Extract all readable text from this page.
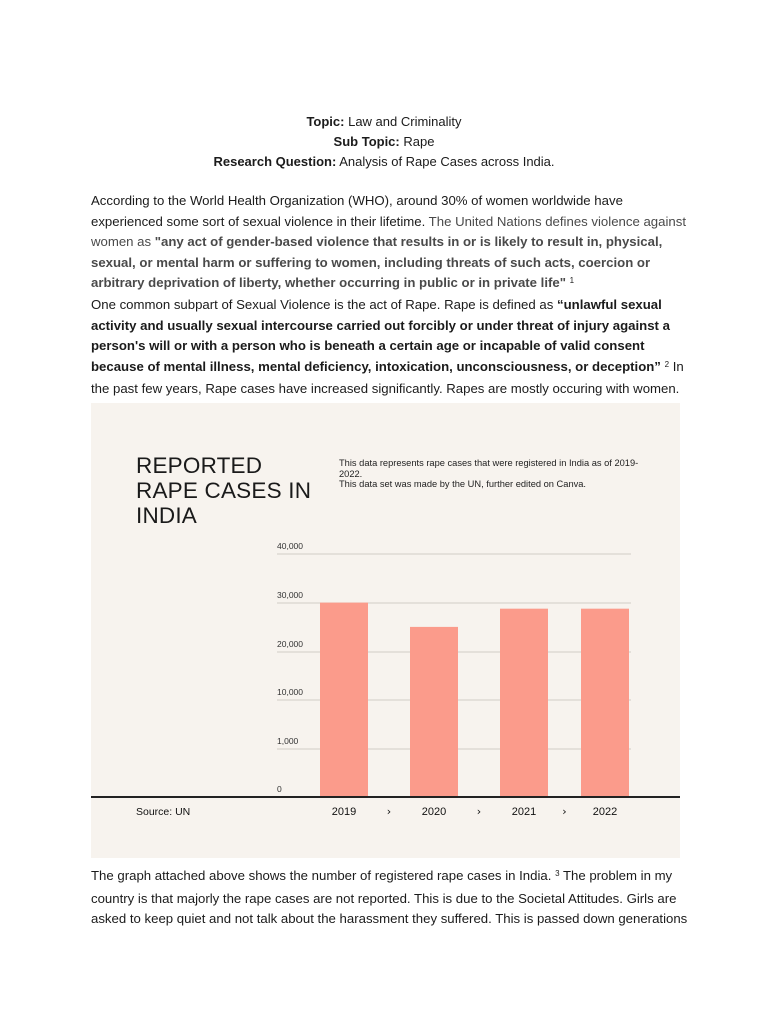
Topic: Law and Criminality
Sub Topic: Rape
Research Question: Analysis of Rape Cases across India.
According to the World Health Organization (WHO), around 30% of women worldwide have experienced some sort of sexual violence in their lifetime. The United Nations defines violence against women as "any act of gender-based violence that results in or is likely to result in, physical, sexual, or mental harm or suffering to women, including threats of such acts, coercion or arbitrary deprivation of liberty, whether occurring in public or in private life" $^1$
One common subpart of Sexual Violence is the act of Rape. Rape is defined as “unlawful sexual activity and usually sexual intercourse carried out forcibly or under threat of injury against a person's will or with a person who is beneath a certain age or incapable of valid consent because of mental illness, mental deficiency, intoxication, unconsciousness, or deception” $^2$ In the past few years, Rape cases have increased significantly. Rapes are mostly occuring with women.
REPORTED RAPE CASES IN INDIA
This data represents rape cases that were registered in India as of 2019-2022.
This data set was made by the UN, further edited on Canva.
40,000
30,000
20,000
10,000
1,000
0
Source: UN	2019	›	2020	›	2021 › 2022
The graph attached above shows the number of registered rape cases in India. $^3$ The problem in my country is that majorly the rape cases are not reported. This is due to the Societal Attitudes. Girls are asked to keep quiet and not talk about the harassment they suffered. This is passed down generations
